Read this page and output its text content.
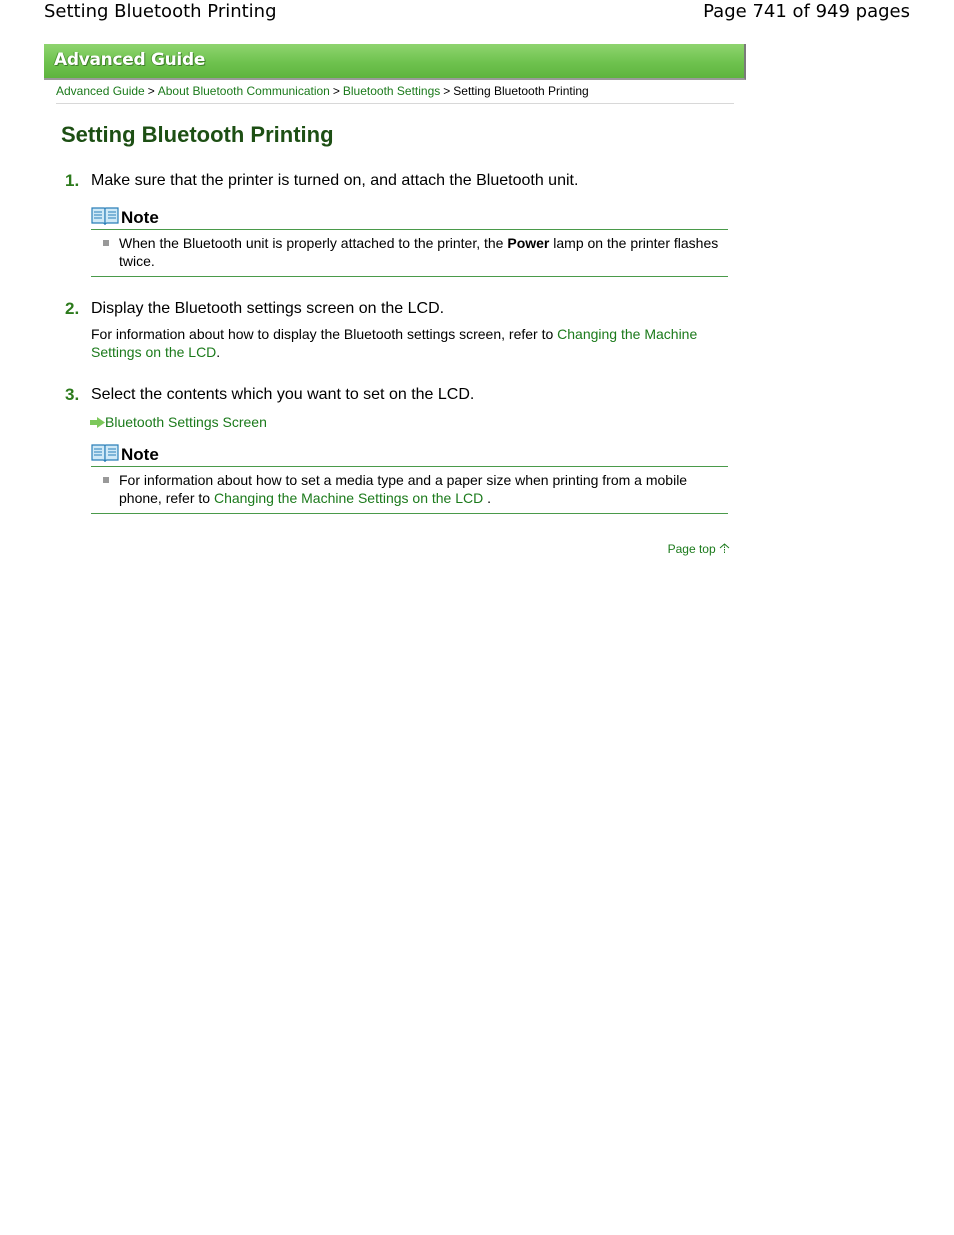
Setting Bluetooth Printing	Page 741 of 949 pages
Advanced Guide
Advanced Guide > About Bluetooth Communication > Bluetooth Settings > Setting Bluetooth Printing
Setting Bluetooth Printing
1. Make sure that the printer is turned on, and attach the Bluetooth unit.
Note
When the Bluetooth unit is properly attached to the printer, the Power lamp on the printer flashes twice.
2. Display the Bluetooth settings screen on the LCD.
For information about how to display the Bluetooth settings screen, refer to Changing the Machine Settings on the LCD.
3. Select the contents which you want to set on the LCD.
Bluetooth Settings Screen
Note
For information about how to set a media type and a paper size when printing from a mobile phone, refer to Changing the Machine Settings on the LCD .
Page top
